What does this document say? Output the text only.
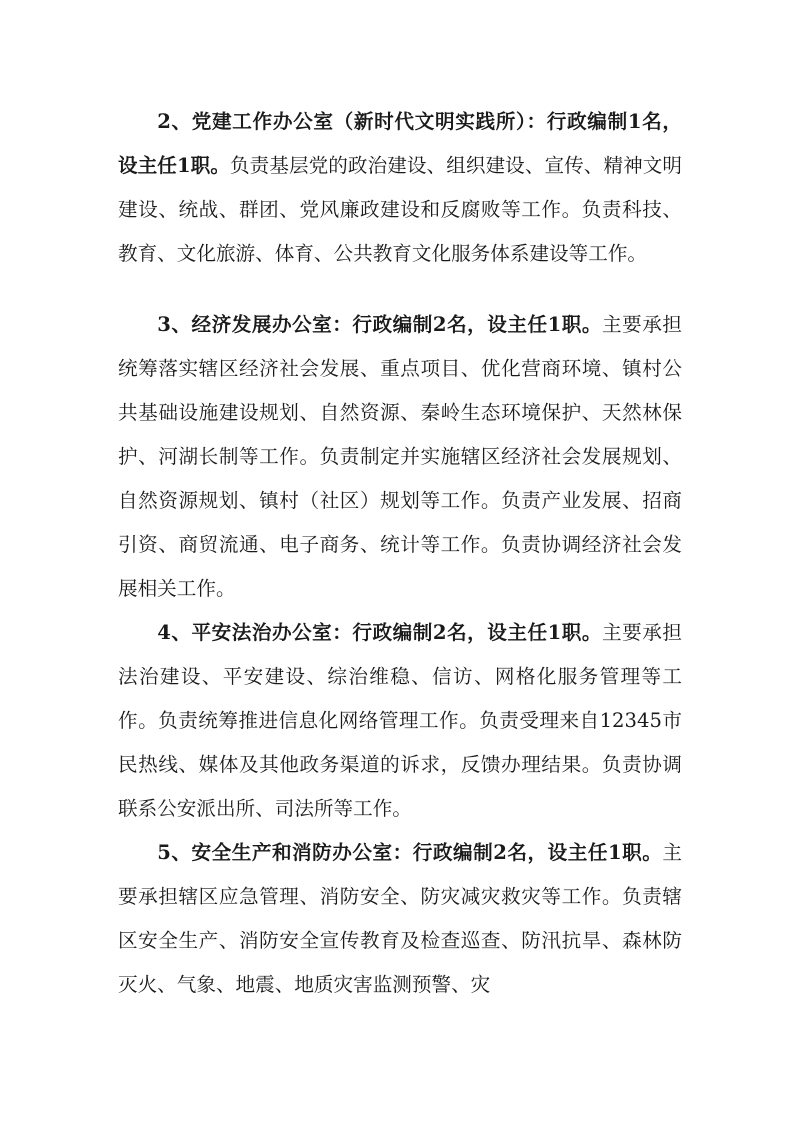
2、党建工作办公室（新时代文明实践所）：行政编制1名，设主任1职。负责基层党的政治建设、组织建设、宣传、精神文明建设、统战、群团、党风廉政建设和反腐败等工作。负责科技、教育、文化旅游、体育、公共教育文化服务体系建设等工作。

3、经济发展办公室：行政编制2名，设主任1职。主要承担统筹落实辖区经济社会发展、重点项目、优化营商环境、镇村公共基础设施建设规划、自然资源、秦岭生态环境保护、天然林保护、河湖长制等工作。负责制定并实施辖区经济社会发展规划、自然资源规划、镇村（社区）规划等工作。负责产业发展、招商引资、商贸流通、电子商务、统计等工作。负责协调经济社会发展相关工作。

4、平安法治办公室：行政编制2名，设主任1职。主要承担法治建设、平安建设、综治维稳、信访、网格化服务管理等工作。负责统筹推进信息化网络管理工作。负责受理来自12345市民热线、媒体及其他政务渠道的诉求，反馈办理结果。负责协调联系公安派出所、司法所等工作。

5、安全生产和消防办公室：行政编制2名，设主任1职。主要承担辖区应急管理、消防安全、防灾减灾救灾等工作。负责辖区安全生产、消防安全宣传教育及检查巡查、防汛抗旱、森林防灭火、气象、地震、地质灾害监测预警、灾
